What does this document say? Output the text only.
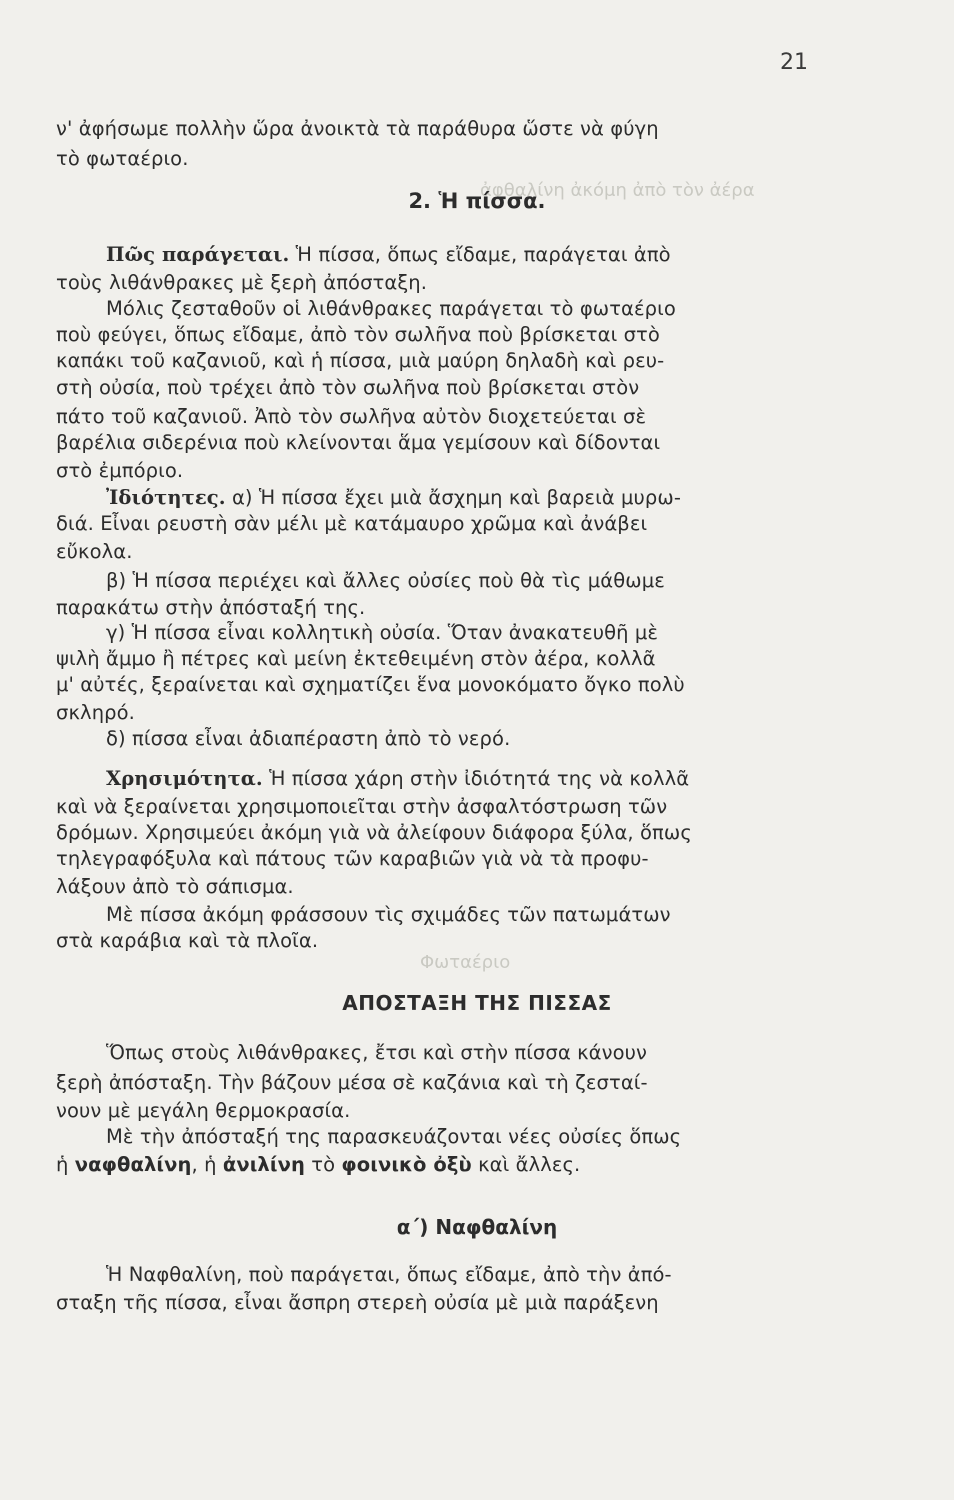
ἀφθαλίνη ἀκόμη ἀπὸ τὸν ἀέρα
Φωταέριο
21
ν' ἀφήσωμε πολλὴν ὥρα ἀνοικτὰ τὰ παράθυρα ὥστε νὰ φύγη
τὸ φωταέριο.
2. Ἡ πίσσα.
Πῶς παράγεται. Ἡ πίσσα, ὅπως εἴδαμε, παράγεται ἀπὸ
τοὺς λιθάνθρακες μὲ ξερὴ ἀπόσταξη.
Μόλις ζεσταθοῦν οἱ λιθάνθρακες παράγεται τὸ φωταέριο
ποὺ φεύγει, ὅπως εἴδαμε, ἀπὸ τὸν σωλῆνα ποὺ βρίσκεται στὸ
καπάκι τοῦ καζανιοῦ, καὶ ἡ πίσσα, μιὰ μαύρη δηλαδὴ καὶ ρευ-
στὴ οὐσία, ποὺ τρέχει ἀπὸ τὸν σωλῆνα ποὺ βρίσκεται στὸν
πάτο τοῦ καζανιοῦ. Ἀπὸ τὸν σωλῆνα αὐτὸν διοχετεύεται σὲ
βαρέλια σιδερένια ποὺ κλείνονται ἅμα γεμίσουν καὶ δίδονται
στὸ ἐμπόριο.
Ἰδιότητες. α) Ἡ πίσσα ἔχει μιὰ ἄσχημη καὶ βαρειὰ μυρω-
διά. Εἶναι ρευστὴ σὰν μέλι μὲ κατάμαυρο χρῶμα καὶ ἀνάβει
εὔκολα.
β) Ἡ πίσσα περιέχει καὶ ἄλλες οὐσίες ποὺ θὰ τὶς μάθωμε
παρακάτω στὴν ἀπόσταξή της.
γ) Ἡ πίσσα εἶναι κολλητικὴ οὐσία. Ὅταν ἀνακατευθῆ μὲ
ψιλὴ ἄμμο ἢ πέτρες καὶ μείνη ἐκτεθειμένη στὸν ἀέρα, κολλᾶ
μ' αὐτές, ξεραίνεται καὶ σχηματίζει ἕνα μονοκόματο ὄγκο πολὺ
σκληρό.
δ) πίσσα εἶναι ἀδιαπέραστη ἀπὸ τὸ νερό.
Χρησιμότητα. Ἡ πίσσα χάρη στὴν ἰδιότητά της νὰ κολλᾶ
καὶ νὰ ξεραίνεται χρησιμοποιεῖται στὴν ἀσφαλτόστρωση τῶν
δρόμων. Χρησιμεύει ἀκόμη γιὰ νὰ ἀλείφουν διάφορα ξύλα, ὅπως
τηλεγραφόξυλα καὶ πάτους τῶν καραβιῶν γιὰ νὰ τὰ προφυ-
λάξουν ἀπὸ τὸ σάπισμα.
Μὲ πίσσα ἀκόμη φράσσουν τὶς σχιμάδες τῶν πατωμάτων
στὰ καράβια καὶ τὰ πλοῖα.
ΑΠΟΣΤΑΞΗ ΤΗΣ ΠΙΣΣΑΣ
Ὅπως στοὺς λιθάνθρακες, ἔτσι καὶ στὴν πίσσα κάνουν
ξερὴ ἀπόσταξη. Τὴν βάζουν μέσα σὲ καζάνια καὶ τὴ ζεσταί-
νουν μὲ μεγάλη θερμοκρασία.
Μὲ τὴν ἀπόσταξή της παρασκευάζονται νέες οὐσίες ὅπως
ἡ ναφθαλίνη, ἡ ἀνιλίνη τὸ φοινικὸ ὀξὺ καὶ ἄλλες.
α΄) Ναφθαλίνη
Ἡ Ναφθαλίνη, ποὺ παράγεται, ὅπως εἴδαμε, ἀπὸ τὴν ἀπό-
σταξη τῆς πίσσα, εἶναι ἄσπρη στερεὴ οὐσία μὲ μιὰ παράξενη
